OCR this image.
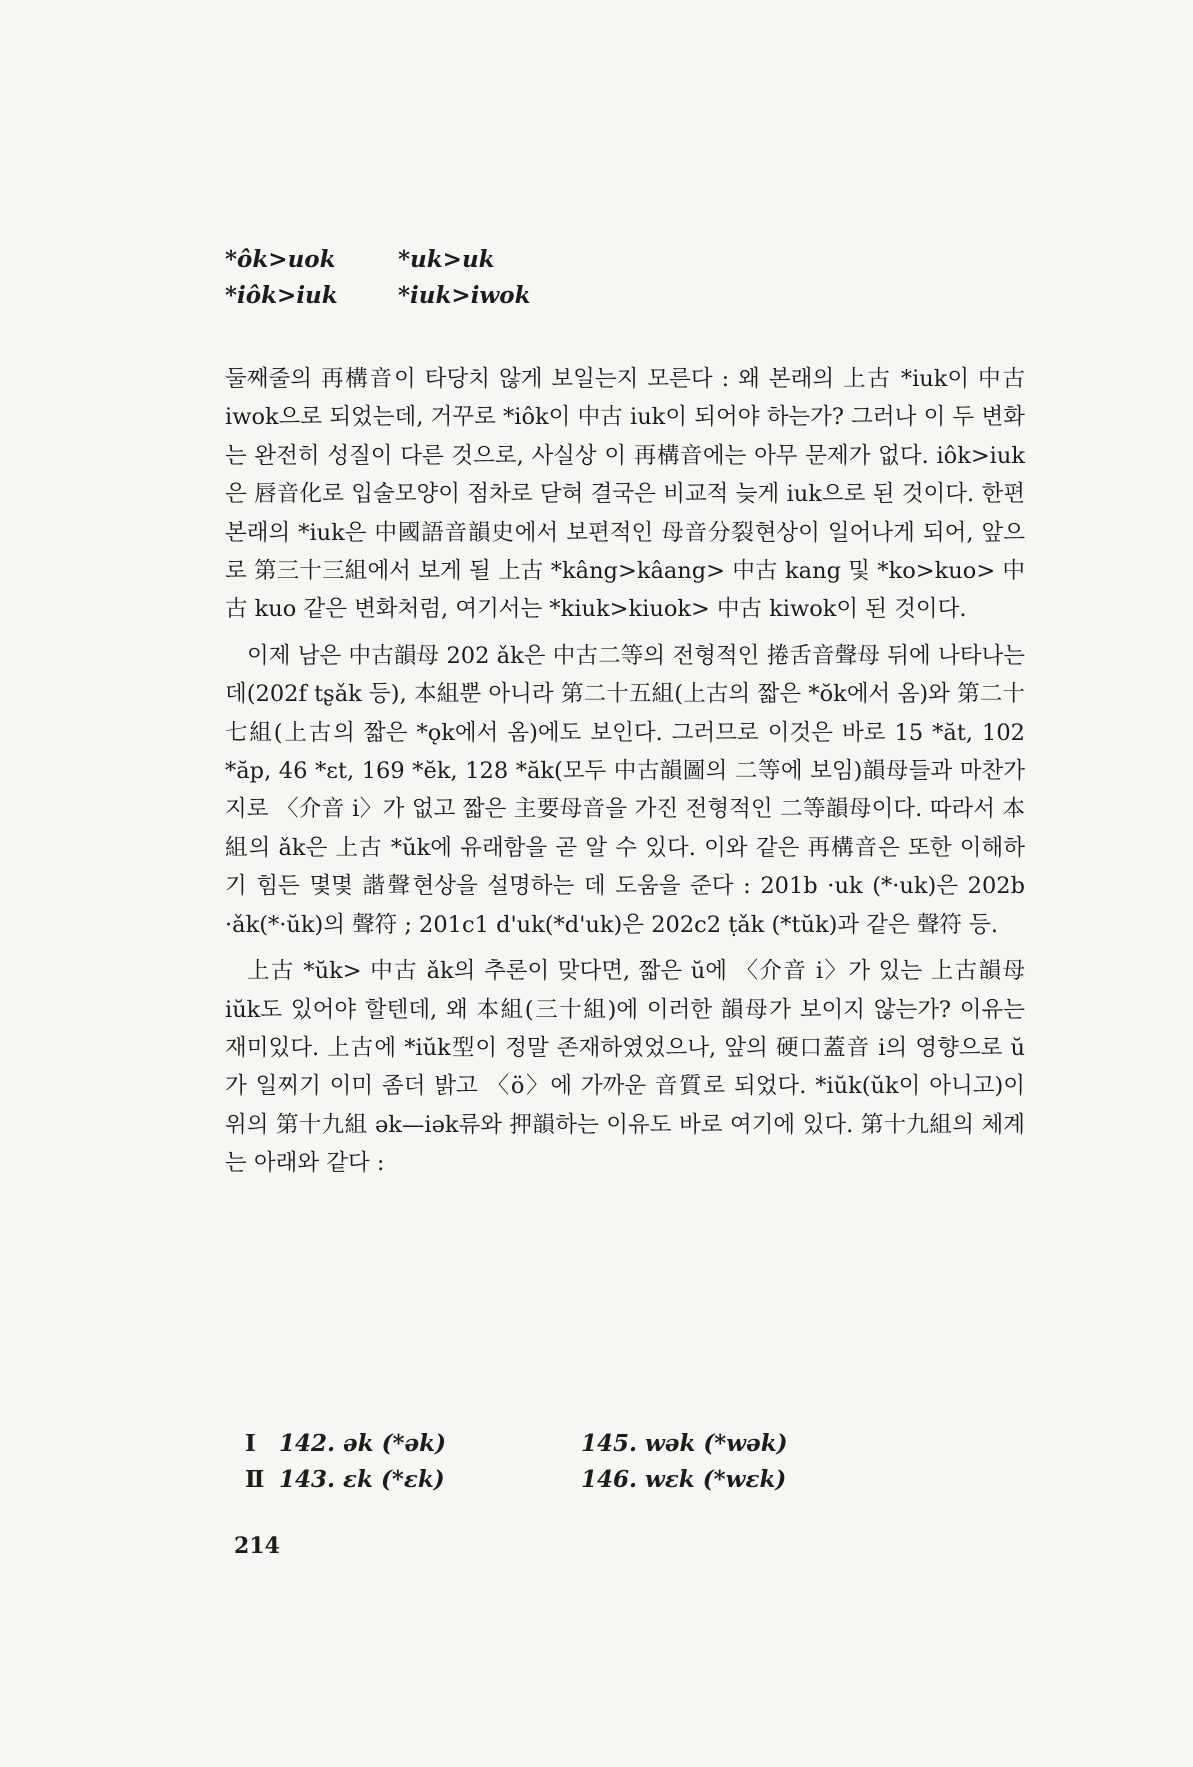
*ôk>uok	*uk>uk
*iôk>iuk	*iuk>iwok

둘째줄의 再構音이 타당치 않게 보일는지 모른다 : 왜 본래의 上古 *iuk이 中古 iwok으로 되었는데, 거꾸로 *iôk이 中古 iuk이 되어야 하는가? 그러나 이 두 변화는 완전히 성질이 다른 것으로, 사실상 이 再構音에는 아무 문제가 없다. iôk>iuk은 唇音化로 입술모양이 점차로 닫혀 결국은 비교적 늦게 iuk으로 된 것이다. 한편 본래의 *iuk은 中國語音韻史에서 보편적인 母音分裂현상이 일어나게 되어, 앞으로 第三十三組에서 보게 될 上古 *kâng>kâang> 中古 kang 및 *ko>kuo> 中古 kuo 같은 변화처럼, 여기서는 *kiuk>kiuok> 中古 kiwok이 된 것이다.

이제 남은 中古韻母 202 ǎk은 中古二等의 전형적인 捲舌音聲母 뒤에 나타나는데(202f tʂǎk 등), 本組뿐 아니라 第二十五組(上古의 짧은 *ŏk에서 옴)와 第二十七組(上古의 짧은 *ǫk에서 옴)에도 보인다. 그러므로 이것은 바로 15 *ăt, 102 *ăp, 46 *ɛt, 169 *ĕk, 128 *ăk(모두 中古韻圖의 二等에 보임)韻母들과 마찬가지로 〈介音 i〉가 없고 짧은 主要母音을 가진 전형적인 二等韻母이다. 따라서 本組의 ǎk은 上古 *ŭk에 유래함을 곧 알 수 있다. 이와 같은 再構音은 또한 이해하기 힘든 몇몇 諧聲현상을 설명하는 데 도움을 준다 : 201b ·uk (*·uk)은 202b ·ǎk(*·ŭk)의 聲符 ; 201c1 d'uk(*d'uk)은 202c2 ṭǎk (*tŭk)과 같은 聲符 등.

上古 *ŭk> 中古 ǎk의 추론이 맞다면, 짧은 ŭ에 〈介音 i〉가 있는 上古韻母 iŭk도 있어야 할텐데, 왜 本組(三十組)에 이러한 韻母가 보이지 않는가? 이유는 재미있다. 上古에 *iŭk型이 정말 존재하였었으나, 앞의 硬口蓋音 i의 영향으로 ŭ가 일찌기 이미 좀더 밝고 〈ö〉에 가까운 音質로 되었다. *iŭk(ŭk이 아니고)이 위의 第十九組 ək—iək류와 押韻하는 이유도 바로 여기에 있다. 第十九組의 체계는 아래와 같다 :

Ⅰ	142. ək (*ək)	145. wək (*wək)
Ⅱ 143. ɛk (*ɛk)	146. wɛk (*wɛk)
214
